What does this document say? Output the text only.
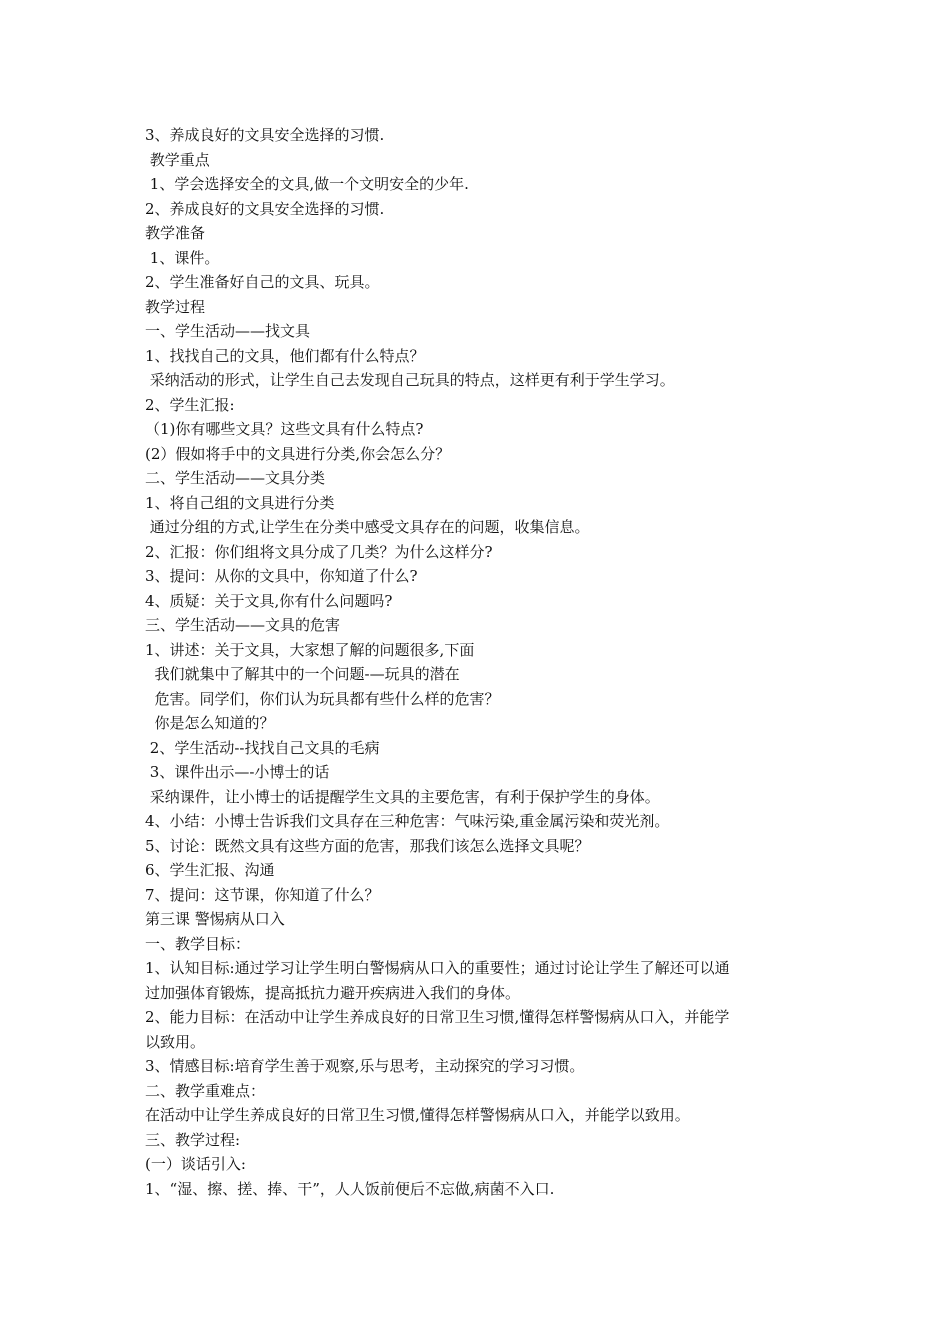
3、养成良好的文具安全选择的习惯.
教学重点
1、学会选择安全的文具,做一个文明安全的少年.
2、养成良好的文具安全选择的习惯.
教学准备
1、课件。
2、学生准备好自己的文具、玩具。
教学过程
一、学生活动——找文具
1、找找自己的文具，他们都有什么特点？
采纳活动的形式，让学生自己去发现自己玩具的特点，这样更有利于学生学习。
2、学生汇报:
（1)你有哪些文具？这些文具有什么特点?
(2）假如将手中的文具进行分类,你会怎么分？
二、学生活动——文具分类
1、将自己组的文具进行分类
通过分组的方式,让学生在分类中感受文具存在的问题，收集信息。
2、汇报：你们组将文具分成了几类？为什么这样分?
3、提问：从你的文具中，你知道了什么?
4、质疑：关于文具,你有什么问题吗?
三、学生活动——文具的危害
1、讲述：关于文具，大家想了解的问题很多,下面
我们就集中了解其中的一个问题-—玩具的潜在
危害。同学们，你们认为玩具都有些什么样的危害？
你是怎么知道的？
2、学生活动--找找自己文具的毛病
3、课件出示—-小博士的话
采纳课件，让小博士的话提醒学生文具的主要危害，有利于保护学生的身体。
4、小结：小博士告诉我们文具存在三种危害：气味污染,重金属污染和荧光剂。
5、讨论：既然文具有这些方面的危害，那我们该怎么选择文具呢？
6、学生汇报、沟通
7、提问：这节课，你知道了什么？
第三课 警惕病从口入
一、教学目标：
1、认知目标:通过学习让学生明白警惕病从口入的重要性；通过讨论让学生了解还可以通
过加强体育锻炼，提高抵抗力避开疾病进入我们的身体。
2、能力目标：在活动中让学生养成良好的日常卫生习惯,懂得怎样警惕病从口入，并能学
以致用。
3、情感目标:培育学生善于观察,乐与思考，主动探究的学习习惯。
二、教学重难点：
在活动中让学生养成良好的日常卫生习惯,懂得怎样警惕病从口入，并能学以致用。
三、教学过程:
(一）谈话引入:
1、“湿、擦、搓、捧、干”，人人饭前便后不忘做,病菌不入口.
